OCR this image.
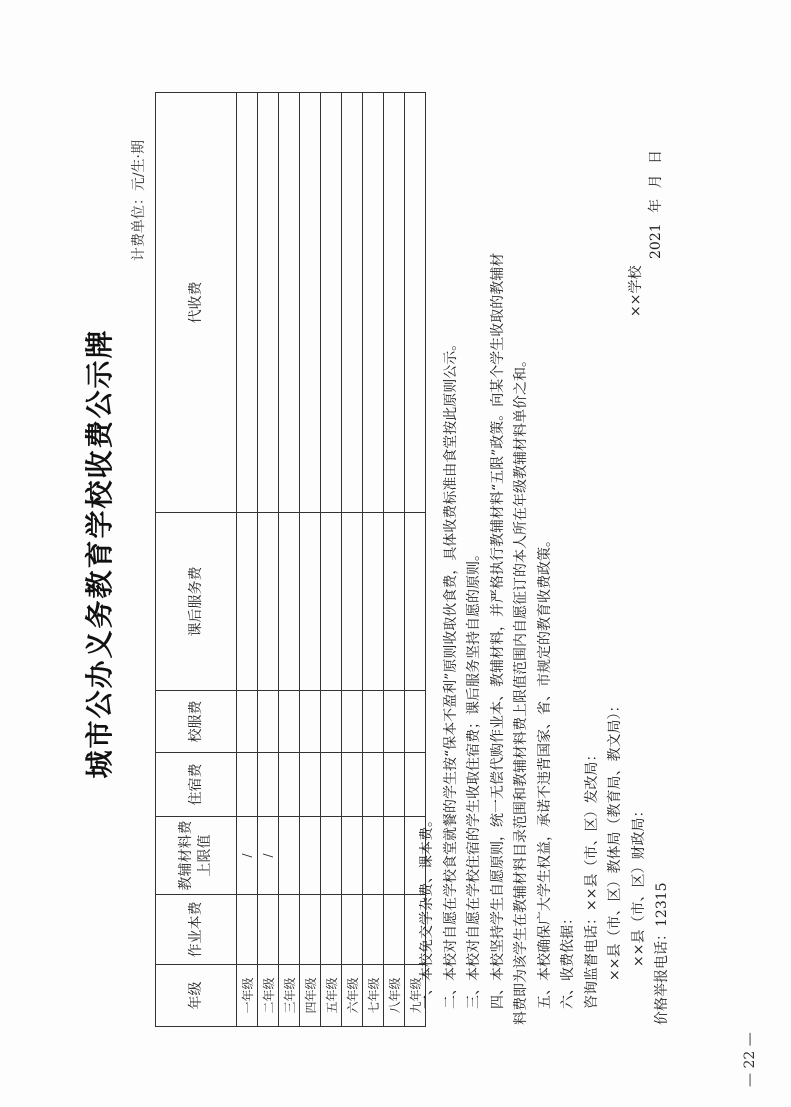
城市公办义务教育学校收费公示牌
计费单位：元/生·期
年级	作业本费	教辅材料费 上限值	住宿费	校服费	课后服务费	代收费
一年级		/				
二年级		/				
三年级						
四年级						
五年级						
六年级						
七年级						
八年级						
九年级						
一、本校免交学杂费、课本费。 二、本校对自愿在学校食堂就餐的学生按“保本不盈利”原则收取伙食费，具体收费标准由食堂按此原则公示。 三、本校对自愿在学校住宿的学生收取住宿费；课后服务坚持自愿的原则。 四、本校坚持学生自愿原则，统一无偿代购作业本、教辅材料，并严格执行教辅材料“五限”政策。向某个学生收取的教辅材 料费即为该学生在教辅材料目录范围和教辅材料费上限值范围内自愿征订的本人所在年级教辅材料单价之和。 五、本校确保广大学生权益，承诺不违背国家、省、市规定的教育收费政策。 六、收费依据： 咨询监督电话：××县（市、区）发改局： ××县（市、区）教体局（教育局、教文局）： ××县（市、区）财政局： 价格举报电话：12315
××学校
2021 年 月 日
— 22 —
